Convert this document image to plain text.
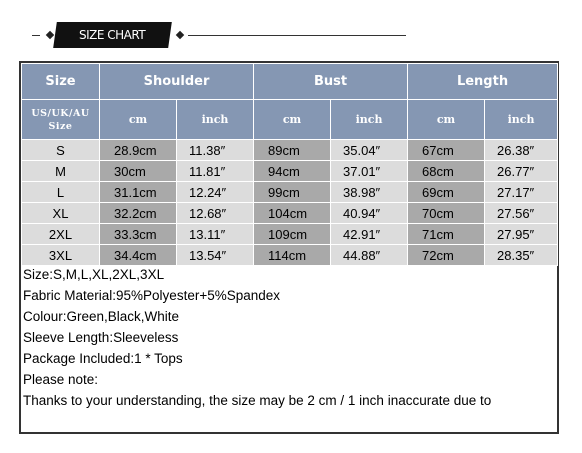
SIZE CHART
Size	Shoulder		Bust		Length	

US/UK/AU
Size	cm	inch	cm	inch	cm	inch
S	28.9cm	11.38″	89cm	35.04″	67cm	26.38″
M	30cm	11.81″	94cm	37.01″	68cm	26.77″
L	31.1cm	12.24″	99cm	38.98″	69cm	27.17″
XL	32.2cm	12.68″	104cm	40.94″	70cm	27.56″
2XL	33.3cm	13.11″	109cm	42.91″	71cm	27.95″
3XL	34.4cm	13.54″	114cm	44.88″	72cm	28.35″
Size:S,M,L,XL,2XL,3XL
Fabric Material:95%Polyester+5%Spandex
Colour:Green,Black,White
Sleeve Length:Sleeveless
Package Included:1 * Tops
Please note:
Thanks to your understanding, the size may be 2 cm / 1 inch inaccurate due to
